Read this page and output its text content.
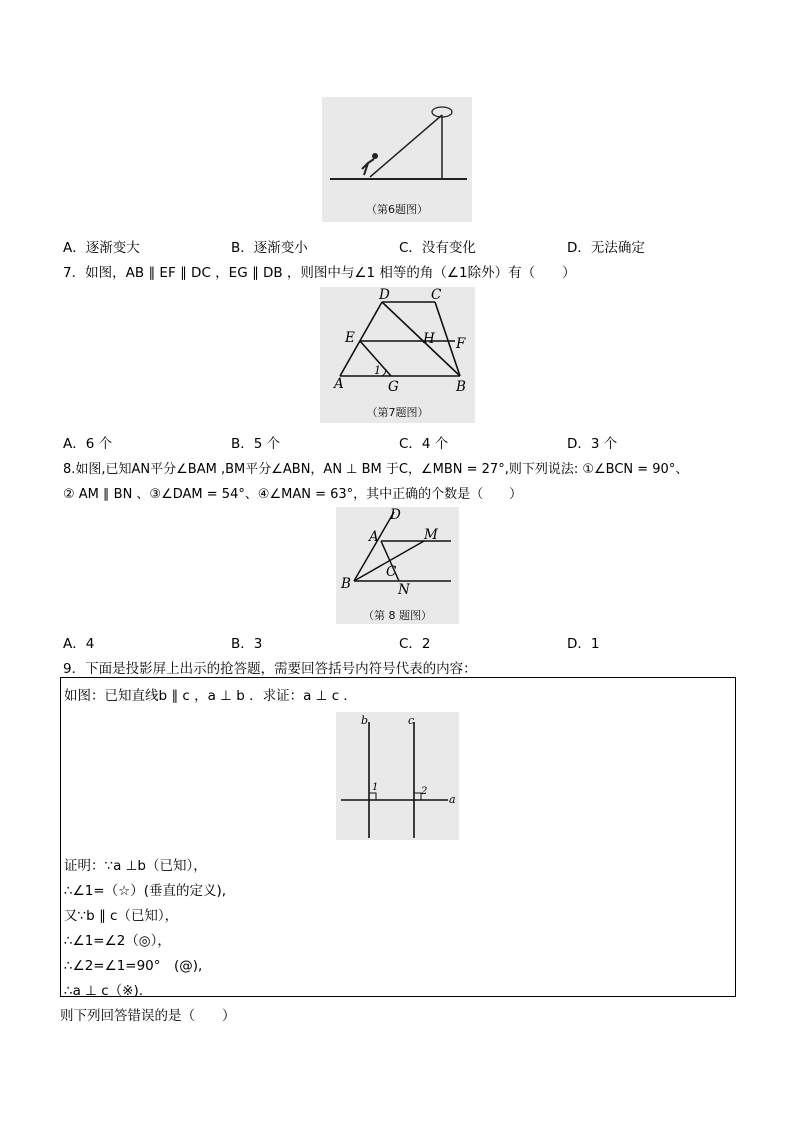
（第6题图）
A．逐渐变大	B．逐渐变小	C．没有变化	D．无法确定
7．如图，AB ∥ EF ∥ DC ，EG ∥ DB ，则图中与∠1 相等的角（∠1除外）有（　　）
D	C
E	H F
A	G	B
1
（第7题图）
A．6 个	B．5 个	C．4 个	D．3 个
8.如图,已知AN平分∠BAM ,BM平分∠ABN，AN ⊥ BM 于C，∠MBN = 27°,则下列说法: ①∠BCN = 90°、
② AM ∥ BN 、③∠DAM = 54°、④∠MAN = 63°，其中正确的个数是（　　）
D
A	M
C
B	N
（第 8 题图）
A．4	B．3	C．2	D．1
9．下面是投影屏上出示的抢答题，需要回答括号内符号代表的内容：
如图：已知直线b ∥ c ，a ⊥ b ．求证：a ⊥ c ．
b	c
a
1	2
证明：∵a ⊥b（已知），
∴∠1=（☆）(垂直的定义),
又∵b ∥ c（已知），
∴∠1=∠2（◎），
∴∠2=∠1=90°　(@),
∴a ⊥ c（※).
则下列回答错误的是（　　）
